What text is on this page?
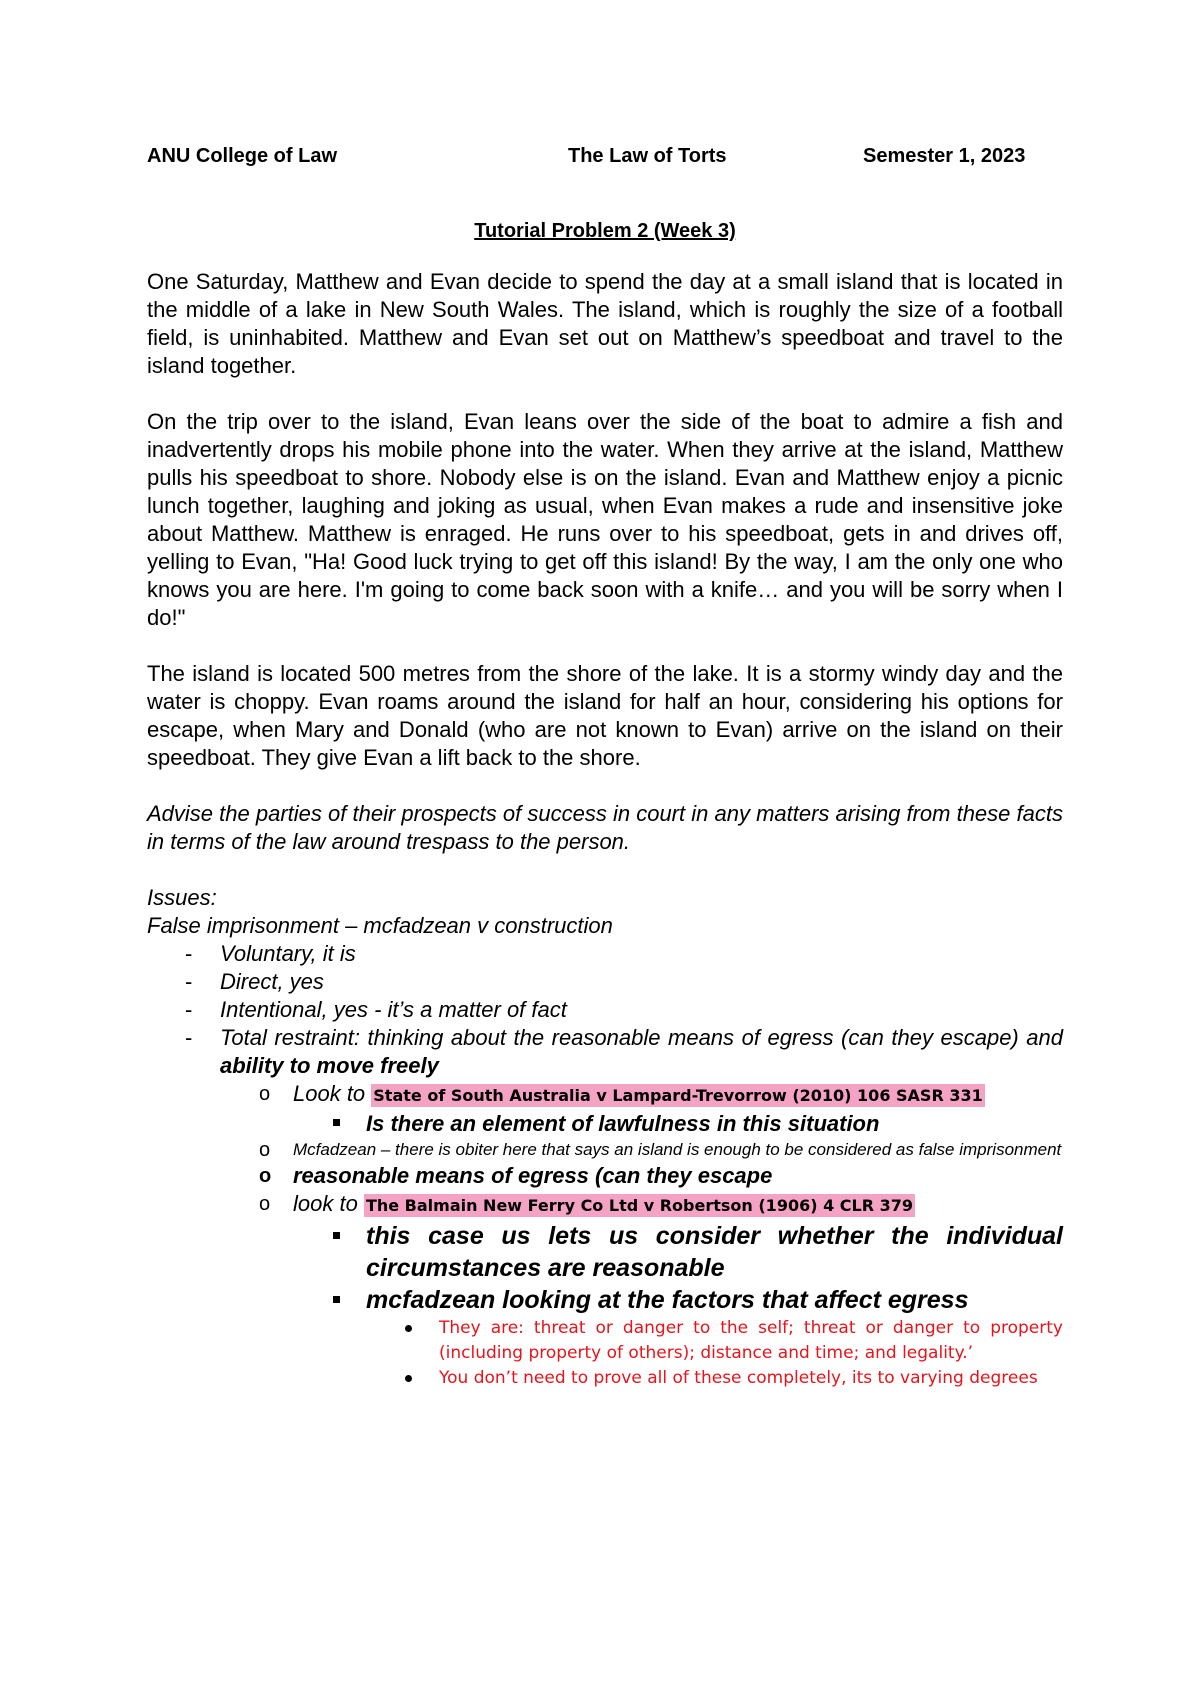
ANU College of Law	The Law of Torts	Semester 1, 2023
Tutorial Problem 2 (Week 3)
One Saturday, Matthew and Evan decide to spend the day at a small island that is located in the middle of a lake in New South Wales. The island, which is roughly the size of a football field, is uninhabited. Matthew and Evan set out on Matthew’s speedboat and travel to the island together.
On the trip over to the island, Evan leans over the side of the boat to admire a fish and inadvertently drops his mobile phone into the water. When they arrive at the island, Matthew pulls his speedboat to shore. Nobody else is on the island. Evan and Matthew enjoy a picnic lunch together, laughing and joking as usual, when Evan makes a rude and insensitive joke about Matthew. Matthew is enraged. He runs over to his speedboat, gets in and drives off, yelling to Evan, "Ha! Good luck trying to get off this island! By the way, I am the only one who knows you are here. I'm going to come back soon with a knife… and you will be sorry when I do!"
The island is located 500 metres from the shore of the lake. It is a stormy windy day and the water is choppy. Evan roams around the island for half an hour, considering his options for escape, when Mary and Donald (who are not known to Evan) arrive on the island on their speedboat. They give Evan a lift back to the shore.
Advise the parties of their prospects of success in court in any matters arising from these facts in terms of the law around trespass to the person.
Issues:
False imprisonment – mcfadzean v construction
- Voluntary, it is
- Direct, yes
- Intentional, yes - it’s a matter of fact
- Total restraint: thinking about the reasonable means of egress (can they escape) and ability to move freely
o Look to State of South Australia v Lampard-Trevorrow (2010) 106 SASR 331
Is there an element of lawfulness in this situation
o Mcfadzean – there is obiter here that says an island is enough to be considered as false imprisonment
o reasonable means of egress (can they escape
o look to The Balmain New Ferry Co Ltd v Robertson (1906) 4 CLR 379
this case us lets us consider whether the individual circumstances are reasonable
mcfadzean looking at the factors that affect egress
They are: threat or danger to the self; threat or danger to property (including property of others); distance and time; and legality.’
You don’t need to prove all of these completely, its to varying degrees
